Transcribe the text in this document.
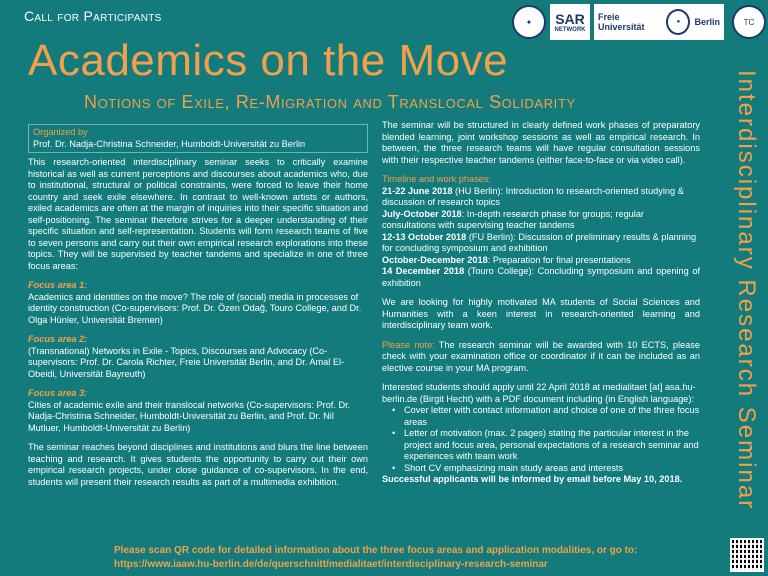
Call for Participants	✦	SAR
NETWORK
Freie Universität	●	Berlin	TC
Academics on the Move
Notions of Exile, Re-Migration and Translocal Solidarity	Interdisciplinary Research Seminar
Organized by
Prof. Dr. Nadja-Christina Schneider, Humboldt-Universität zu Berlin
This research-oriented interdisciplinary seminar seeks to critically examine historical as well as current perceptions and discourses about academics who, due to institutional, structural or political constraints, were forced to leave their home country and seek exile elsewhere. In contrast to well-known artists or authors, exiled academics are often at the margin of inquiries into their specific situation and self-positioning. The seminar therefore strives for a deeper understanding of their specific situation and self-representation. Students will form research teams of five to seven persons and carry out their own empirical research explorations into these topics. They will be supervised by teacher tandems and specialize in one of three focus areas:
Focus area 1:
Academics and identities on the move? The role of (social) media in processes of identity construction (Co-supervisors: Prof. Dr. Özen Odağ, Touro College, and Dr. Olga Hünler, Universität Bremen)
Focus area 2:
(Transnational) Networks in Exile - Topics, Discourses and Advocacy (Co-supervisors: Prof. Dr. Carola Richter, Freie Universität Berlin, and Dr. Amal El-Obeidi, Universität Bayreuth)
Focus area 3:
Cities of academic exile and their translocal networks (Co-supervisors: Prof. Dr. Nadja-Christina Schneider, Humboldt-Universität zu Berlin, and Prof. Dr. Nil Mutluer, Humboldt-Universität zu Berlin)
The seminar reaches beyond disciplines and institutions and blurs the line between teaching and research. It gives students the opportunity to carry out their own empirical research projects, under close guidance of co-supervisors. In the end, students will present their research results as part of a multimedia exhibition.
The seminar will be structured in clearly defined work phases of preparatory blended learning, joint workshop sessions as well as empirical research. In between, the three research teams will have regular consultation sessions with their respective teacher tandems (either face-to-face or via video call).
Timeline and work phases:
21-22 June 2018 (HU Berlin): Introduction to research-oriented studying & discussion of research topics
July-October 2018: In-depth research phase for groups; regular consultations with supervising teacher tandems
12-13 October 2018 (FU Berlin): Discussion of preliminary results & planning for concluding symposium and exhibition
October-December 2018: Preparation for final presentations
14 December 2018 (Touro College): Concluding symposium and opening of exhibition
We are looking for highly motivated MA students of Social Sciences and Humanities with a keen interest in research-oriented learning and interdisciplinary team work.
Please note: The research seminar will be awarded with 10 ECTS, please check with your examination office or coordinator if it can be included as an elective course in your MA program.
Interested students should apply until 22 April 2018 at medialitaet [at] asa.hu-berlin.de (Birgit Hecht) with a PDF document including (in English language):
• Cover letter with contact information and choice of one of the three focus areas
• Letter of motivation (max. 2 pages) stating the particular interest in the project and focus area, personal expectations of a research seminar and experiences with team work
• Short CV emphasizing main study areas and interests
Successful applicants will be informed by email before May 10, 2018.
Please scan QR code for detailed information about the three focus areas and application modalities, or go to:
https://www.iaaw.hu-berlin.de/de/querschnitt/medialitaet/interdisciplinary-research-seminar
